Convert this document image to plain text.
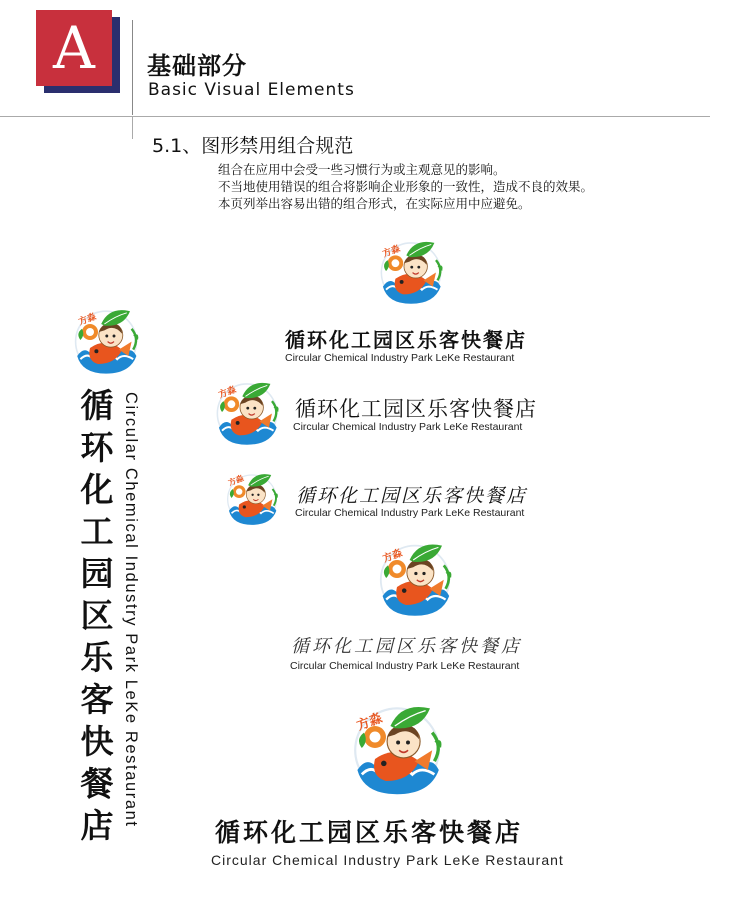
A 基础部分
Basic Visual Elements
5.1、图形禁用组合规范
组合在应用中会受一些习惯行为或主观意见的影响。
不当地使用错误的组合将影响企业形象的一致性，造成不良的效果。
本页列举出容易出错的组合形式，在实际应用中应避免。
方淼
循环化工园区乐客快餐店 Circular Chemical Industry Park LeKe Restaurant
方淼
循环化工园区乐客快餐店
Circular Chemical Industry Park LeKe Restaurant
方淼
循环化工园区乐客快餐店
Circular Chemical Industry Park LeKe Restaurant
方淼
循环化工园区乐客快餐店
Circular Chemical Industry Park LeKe Restaurant
方淼
循环化工园区乐客快餐店
Circular Chemical Industry Park LeKe Restaurant
方淼
循环化工园区乐客快餐店
Circular Chemical Industry Park LeKe Restaurant
